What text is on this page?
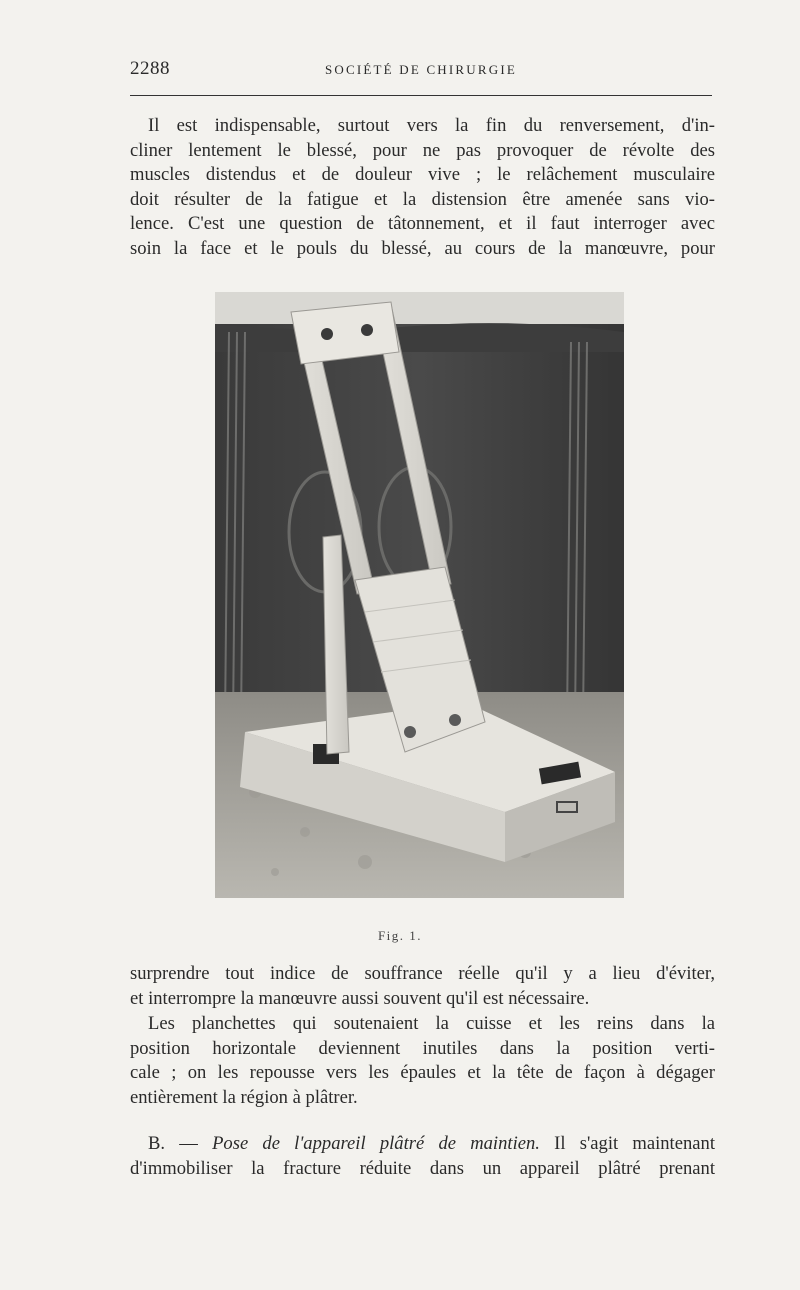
2288	SOCIÉTÉ DE CHIRURGIE
Il est indispensable, surtout vers la fin du renversement, d'in-
cliner lentement le blessé, pour ne pas provoquer de révolte des
muscles distendus et de douleur vive ; le relâchement musculaire
doit résulter de la fatigue et la distension être amenée sans vio-
lence. C'est une question de tâtonnement, et il faut interroger avec
soin la face et le pouls du blessé, au cours de la manœuvre, pour
Fig. 1.
surprendre tout indice de souffrance réelle qu'il y a lieu d'éviter,
et interrompre la manœuvre aussi souvent qu'il est nécessaire.
Les planchettes qui soutenaient la cuisse et les reins dans la
position horizontale deviennent inutiles dans la position verti-
cale ; on les repousse vers les épaules et la tête de façon à dégager
entièrement la région à plâtrer.
B. — Pose de l'appareil plâtré de maintien. Il s'agit maintenant
d'immobiliser la fracture réduite dans un appareil plâtré prenant
